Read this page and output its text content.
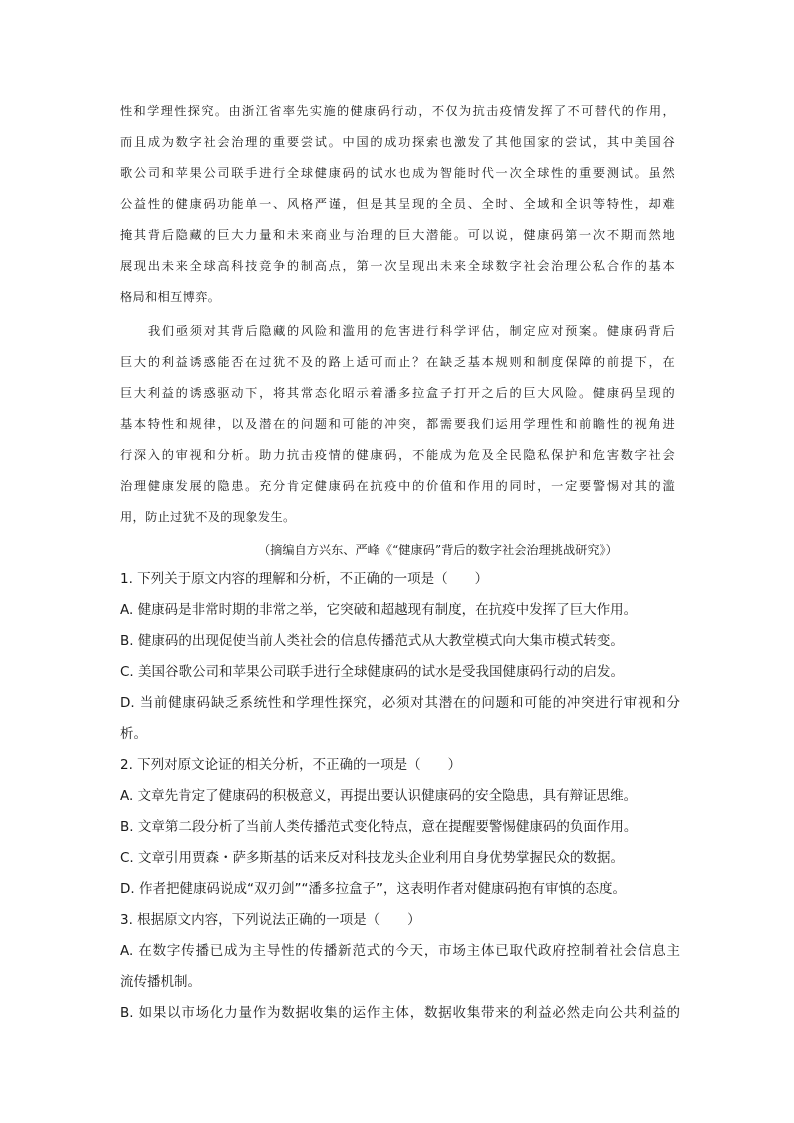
性和学理性探究。由浙江省率先实施的健康码行动，不仅为抗击疫情发挥了不可替代的作用，
而且成为数字社会治理的重要尝试。中国的成功探索也激发了其他国家的尝试，其中美国谷
歌公司和苹果公司联手进行全球健康码的试水也成为智能时代一次全球性的重要测试。虽然
公益性的健康码功能单一、风格严谨，但是其呈现的全员、全时、全域和全识等特性，却难
掩其背后隐藏的巨大力量和未来商业与治理的巨大潜能。可以说，健康码第一次不期而然地
展现出未来全球高科技竞争的制高点，第一次呈现出未来全球数字社会治理公私合作的基本
格局和相互博弈。
我们亟须对其背后隐藏的风险和滥用的危害进行科学评估，制定应对预案。健康码背后
巨大的利益诱惑能否在过犹不及的路上适可而止？在缺乏基本规则和制度保障的前提下，在
巨大利益的诱惑驱动下，将其常态化昭示着潘多拉盒子打开之后的巨大风险。健康码呈现的
基本特性和规律，以及潜在的问题和可能的冲突，都需要我们运用学理性和前瞻性的视角进
行深入的审视和分析。助力抗击疫情的健康码，不能成为危及全民隐私保护和危害数字社会
治理健康发展的隐患。充分肯定健康码在抗疫中的价值和作用的同时，一定要警惕对其的滥
用，防止过犹不及的现象发生。
（摘编自方兴东、严峰《“健康码”背后的数字社会治理挑战研究》）
1. 下列关于原文内容的理解和分析，不正确的一项是（　　）
A. 健康码是非常时期的非常之举，它突破和超越现有制度，在抗疫中发挥了巨大作用。
B. 健康码的出现促使当前人类社会的信息传播范式从大教堂模式向大集市模式转变。
C. 美国谷歌公司和苹果公司联手进行全球健康码的试水是受我国健康码行动的启发。
D. 当前健康码缺乏系统性和学理性探究，必须对其潜在的问题和可能的冲突进行审视和分
析。
2. 下列对原文论证的相关分析，不正确的一项是（　　）
A. 文章先肯定了健康码的积极意义，再提出要认识健康码的安全隐患，具有辩证思维。
B. 文章第二段分析了当前人类传播范式变化特点，意在提醒要警惕健康码的负面作用。
C. 文章引用贾森・萨多斯基的话来反对科技龙头企业利用自身优势掌握民众的数据。
D. 作者把健康码说成“双刃剑”“潘多拉盒子”，这表明作者对健康码抱有审慎的态度。
3. 根据原文内容，下列说法正确的一项是（　　）
A. 在数字传播已成为主导性的传播新范式的今天，市场主体已取代政府控制着社会信息主
流传播机制。
B. 如果以市场化力量作为数据收集的运作主体，数据收集带来的利益必然走向公共利益的
